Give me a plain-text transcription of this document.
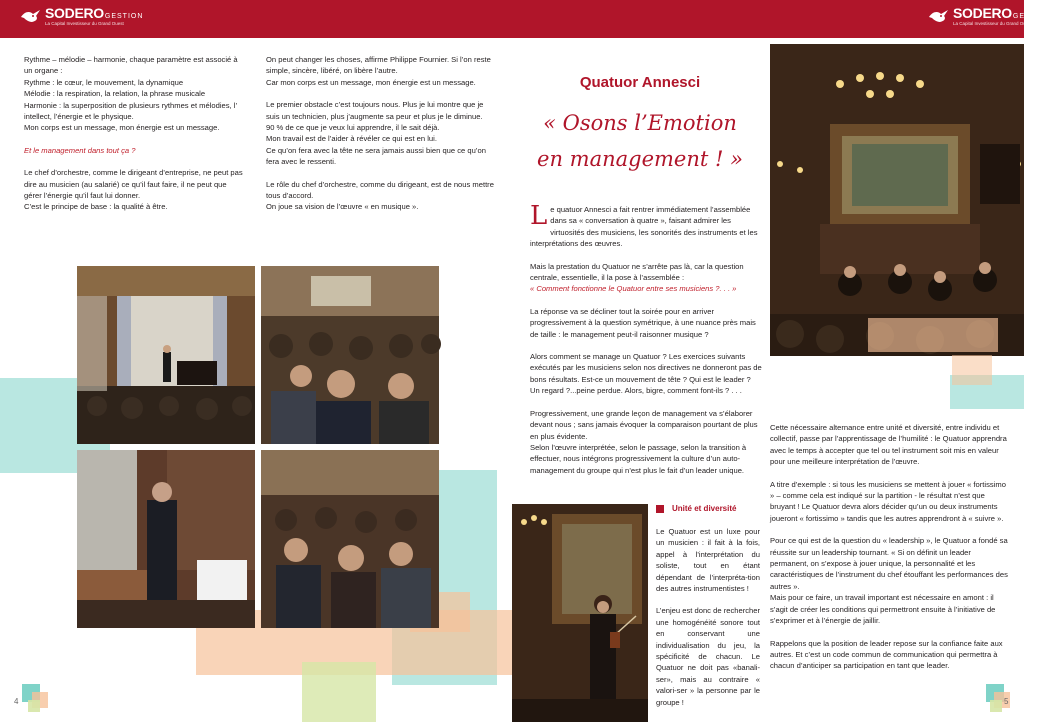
SODEROGESTION
La Capital Investisseur du Grand Ouest

Rythme – mélodie – harmonie, chaque paramètre est associé à un organe :
Rythme : le cœur, le mouvement, la dynamique
Mélodie : la respiration, la relation, la phrase musicale
Harmonie : la superposition de plusieurs rythmes et mélodies, l’ intellect, l’énergie et le physique.
Mon corps est un message, mon énergie est un message.

Et le management dans tout ça ?

Le chef d’orchestre, comme le dirigeant d’entreprise, ne peut pas dire au musicien (au salarié) ce qu’il faut faire, il ne peut que gérer l’énergie qu’il faut lui donner.
C’est le principe de base : la qualité à être.

On peut changer les choses, affirme Philippe Fournier. Si l’on reste simple, sincère, libéré, on libère l’autre.
Car mon corps est un message, mon énergie est un message.

Le premier obstacle c’est toujours nous. Plus je lui montre que je suis un technicien, plus j’augmente sa peur et plus je le diminue.
90 % de ce que je veux lui apprendre, il le sait déjà.
Mon travail est de l’aider à révéler ce qui est en lui.
Ce qu’on fera avec la tête ne sera jamais aussi bien que ce qu’on fera avec le ressenti.

Le rôle du chef d’orchestre, comme du dirigeant, est de nous mettre tous d’accord.
On joue sa vision de l’œuvre « en musique ».

4
SODEROGESTION
La Capital Investisseur du Grand Ouest
Quatuor Annesci
« Osons l’Emotion
en management ! »

Le quatuor Annesci a fait rentrer immédiatement l’assemblée dans sa « conversation à quatre », faisant admirer les virtuosités des musiciens, les sonorités des instruments et les interprétations des œuvres.

Mais la prestation du Quatuor ne s’arrête pas là, car la question centrale, essentielle, il la pose à l’assemblée :
« Comment fonctionne le Quatuor entre ses musiciens ?. . . »

La réponse va se décliner tout la soirée pour en arriver progressivement à la question symétrique, à une nuance près mais de taille : le management peut-il raisonner musique ?

Alors comment se manage un Quatuor ? Les exercices suivants exécutés par les musiciens selon nos directives ne donneront pas de bons résultats. Est-ce un mouvement de tête ? Qui est le leader ? Un regard ?...peine perdue. Alors, bigre, comment font-ils ? . . .

Progressivement, une grande leçon de management va s’élaborer devant nous ; sans jamais évoquer la comparaison pourtant de plus en plus évidente.
Selon l’œuvre interprétée, selon le passage, selon la transition à effectuer, nous intégrons progressivement la culture d’un auto-management du groupe qui n’est plus le fait d’un leader unique.

Unité et diversité

Le Quatuor est un luxe pour un musicien : il fait à la fois, appel à l’interprétation du soliste, tout en étant dépendant de l’interpréta-tion des autres instrumentistes !

L’enjeu est donc de rechercher une homogénéité sonore tout en conservant une individualisation du jeu, la spécificité de chacun. Le Quatuor ne doit pas «banali-ser», mais au contraire « valori-ser » la personne par le groupe !

Cette nécessaire alternance entre unité et diversité, entre individu et collectif, passe par l’apprentissage de l’humilité : le Quatuor apprendra avec le temps à accepter que tel ou tel instrument soit mis en valeur pour une meilleure interprétation de l’œuvre.

A titre d’exemple : si tous les musiciens se mettent à jouer « fortissimo » – comme cela est indiqué sur la partition - le résultat n’est que bruyant ! Le Quatuor devra alors décider qu’un ou deux instruments joueront « fortissimo » tandis que les autres apprendront à « suivre ».

Pour ce qui est de la question du « leadership », le Quatuor a fondé sa réussite sur un leadership tournant. « Si on définit un leader permanent, on s’expose à jouer unique, la personnalité et les caractéristiques de l’instrument du chef étouffant les performances des autres ».
Mais pour ce faire, un travail important est nécessaire en amont : il s’agit de créer les conditions qui permettront ensuite à l’initiative de s’exprimer et à l’énergie de jaillir.

Rappelons que la position de leader repose sur la confiance faite aux autres. Et c’est un code commun de communication qui permettra à chacun d’anticiper sa participation en tant que leader.

5
